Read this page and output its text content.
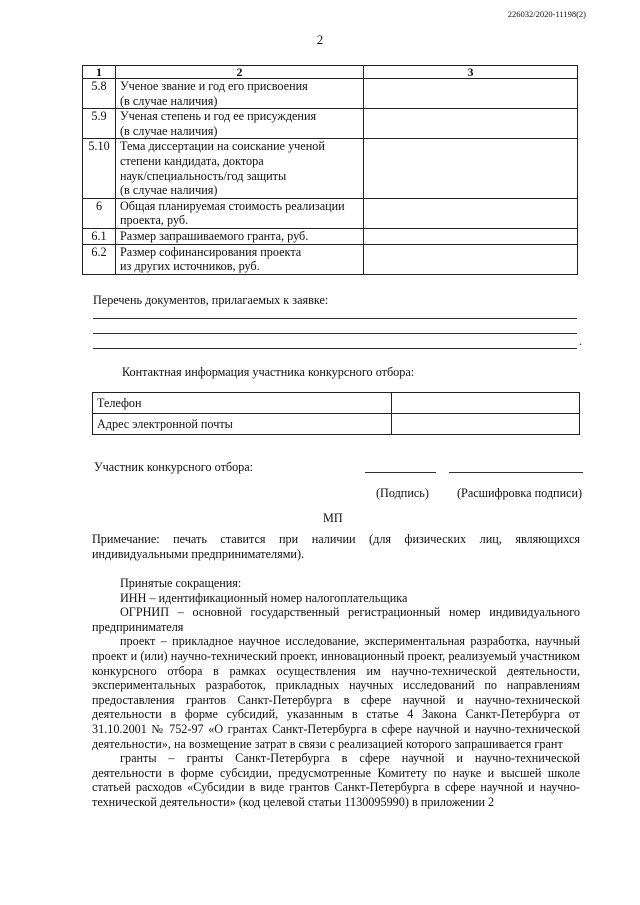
226032/2020-11198(2)
2
1	2	3
5.8	Ученое звание и год его присвоения
(в случае наличия)	

5.9	Ученая степень и год ее присуждения
(в случае наличия)	

5.10	Тема диссертации на соискание ученой
степени кандидата, доктора
наук/специальность/год защиты
(в случае наличия)	

6	Общая планируемая стоимость реализации
проекта, руб.	

6.1	Размер запрашиваемого гранта, руб.	

6.2	Размер софинансирования проекта
из других источников, руб.	

Перечень документов, прилагаемых к заявке:
.
Контактная информация участника конкурсного отбора:
Телефон	
Адрес электронной почты	
Участник конкурсного отбора:
(Подпись) (Расшифровка подписи)
МП

Примечание: печать ставится при наличии (для физических лиц, являющихся индивидуальными предпринимателями).

Принятые сокращения:

ИНН – идентификационный номер налогоплательщика

ОГРНИП – основной государственный регистрационный номер индивидуального предпринимателя

проект – прикладное научное исследование, экспериментальная разработка, научный проект и (или) научно-технический проект, инновационный проект, реализуемый участником конкурсного отбора в рамках осуществления им научно-технической деятельности, экспериментальных разработок, прикладных научных исследований по направлениям предоставления грантов Санкт-Петербурга в сфере научной и научно-технической деятельности в форме субсидий, указанным в статье 4 Закона Санкт-Петербурга от 31.10.2001 № 752-97 «О грантах Санкт-Петербурга в сфере научной и научно-технической деятельности», на возмещение затрат в связи с реализацией которого запрашивается грант

гранты – гранты Санкт-Петербурга в сфере научной и научно-технической деятельности в форме субсидии, предусмотренные Комитету по науке и высшей школе статьей расходов «Субсидии в виде грантов Санкт-Петербурга в сфере научной и научно-технической деятельности» (код целевой статьи 1130095990) в приложении 2
